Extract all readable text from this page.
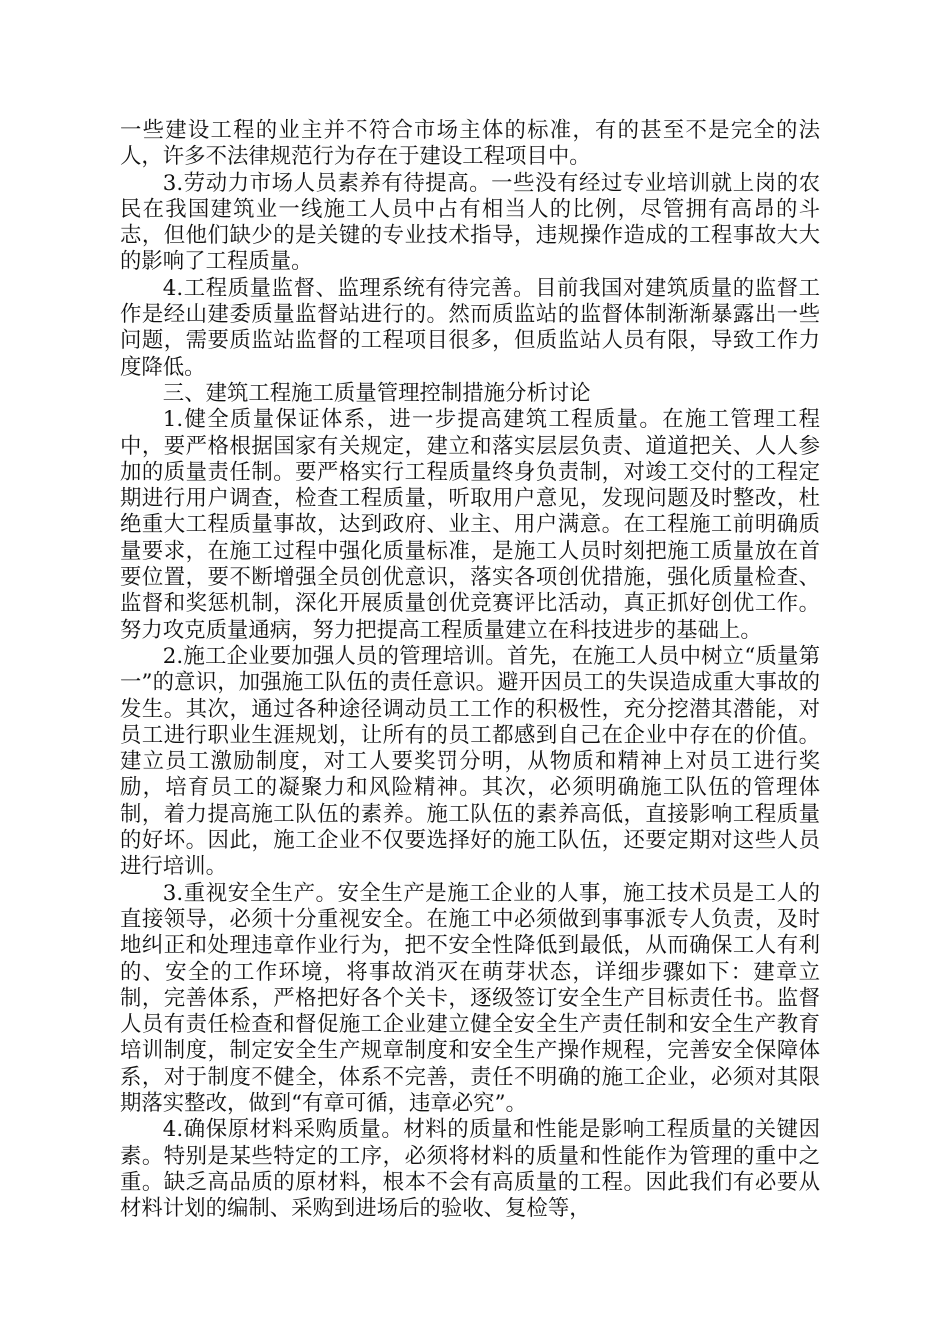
一些建设工程的业主并不符合市场主体的标准，有的甚至不是完全的法人，许多不法律规范行为存在于建设工程项目中。

3.劳动力市场人员素养有待提高。一些没有经过专业培训就上岗的农民在我国建筑业一线施工人员中占有相当人的比例，尽管拥有高昂的斗志，但他们缺少的是关键的专业技术指导，违规操作造成的工程事故大大的影响了工程质量。

4.工程质量监督、监理系统有待完善。目前我国对建筑质量的监督工作是经山建委质量监督站进行的。然而质监站的监督体制渐渐暴露出一些问题，需要质监站监督的工程项目很多，但质监站人员有限，导致工作力度降低。

三、建筑工程施工质量管理控制措施分析讨论

1.健全质量保证体系，进一步提高建筑工程质量。在施工管理工程中，要严格根据国家有关规定，建立和落实层层负责、道道把关、人人参加的质量责任制。要严格实行工程质量终身负责制，对竣工交付的工程定期进行用户调查，检查工程质量，听取用户意见，发现问题及时整改，杜绝重大工程质量事故，达到政府、业主、用户满意。在工程施工前明确质量要求，在施工过程中强化质量标准，是施工人员时刻把施工质量放在首要位置，要不断增强全员创优意识，落实各项创优措施，强化质量检查、监督和奖惩机制，深化开展质量创优竞赛评比活动，真正抓好创优工作。努力攻克质量通病，努力把提高工程质量建立在科技进步的基础上。

2.施工企业要加强人员的管理培训。首先，在施工人员中树立“质量第一”的意识，加强施工队伍的责任意识。避开因员工的失误造成重大事故的发生。其次，通过各种途径调动员工工作的积极性，充分挖潜其潜能，对员工进行职业生涯规划，让所有的员工都感到自己在企业中存在的价值。建立员工激励制度，对工人要奖罚分明，从物质和精神上对员工进行奖励，培育员工的凝聚力和风险精神。其次，必须明确施工队伍的管理体制，着力提高施工队伍的素养。施工队伍的素养高低，直接影响工程质量的好坏。因此，施工企业不仅要选择好的施工队伍，还要定期对这些人员进行培训。

3.重视安全生产。安全生产是施工企业的人事，施工技术员是工人的直接领导，必须十分重视安全。在施工中必须做到事事派专人负责，及时地纠正和处理违章作业行为，把不安全性降低到最低，从而确保工人有利的、安全的工作环境，将事故消灭在萌芽状态，详细步骤如下：建章立制，完善体系，严格把好各个关卡，逐级签订安全生产目标责任书。监督人员有责任检查和督促施工企业建立健全安全生产责任制和安全生产教育培训制度，制定安全生产规章制度和安全生产操作规程，完善安全保障体系，对于制度不健全，体系不完善，责任不明确的施工企业，必须对其限期落实整改，做到“有章可循，违章必究”。

4.确保原材料采购质量。材料的质量和性能是影响工程质量的关键因素。特别是某些特定的工序，必须将材料的质量和性能作为管理的重中之重。缺乏高品质的原材料，根本不会有高质量的工程。因此我们有必要从材料计划的编制、采购到进场后的验收、复检等，
